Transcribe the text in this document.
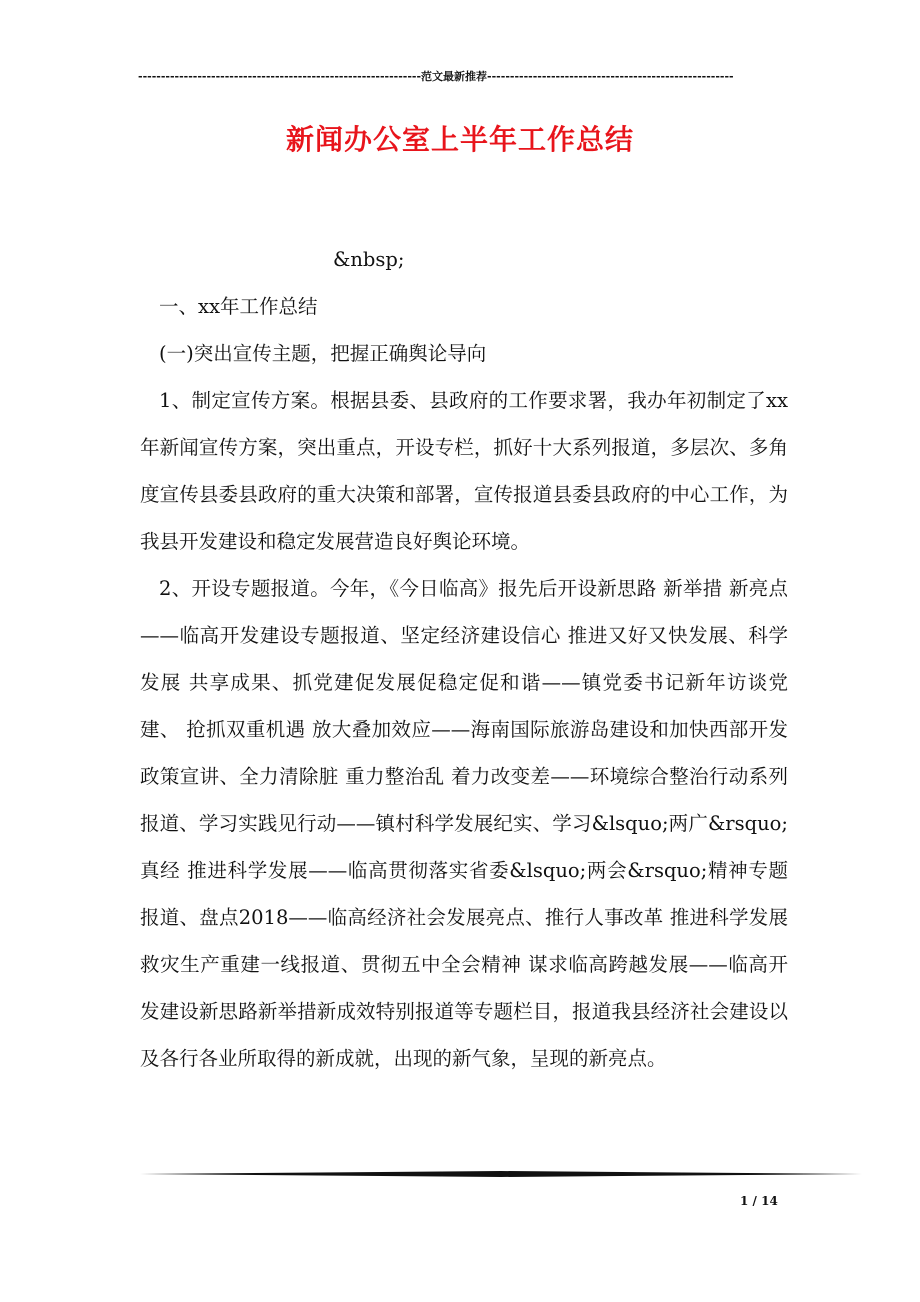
--------------------------------------------------------------范文最新推荐------------------------------------------------------
新闻办公室上半年工作总结

&nbsp;

一、xx年工作总结

(一)突出宣传主题，把握正确舆论导向

1、制定宣传方案。根据县委、县政府的工作要求署，我办年初制定了xx年新闻宣传方案，突出重点，开设专栏，抓好十大系列报道，多层次、多角度宣传县委县政府的重大决策和部署，宣传报道县委县政府的中心工作，为我县开发建设和稳定发展营造良好舆论环境。

2、开设专题报道。今年，《今日临高》报先后开设新思路 新举措 新亮点——临高开发建设专题报道、坚定经济建设信心 推进又好又快发展、科学发展 共享成果、抓党建促发展促稳定促和谐——镇党委书记新年访谈党建、 抢抓双重机遇 放大叠加效应——海南国际旅游岛建设和加快西部开发政策宣讲、全力清除脏 重力整治乱 着力改变差——环境综合整治行动系列报道、学习实践见行动——镇村科学发展纪实、学习&lsquo;两广&rsquo;真经 推进科学发展——临高贯彻落实省委&lsquo;两会&rsquo;精神专题报道、盘点2018——临高经济社会发展亮点、推行人事改革 推进科学发展救灾生产重建一线报道、贯彻五中全会精神 谋求临高跨越发展——临高开发建设新思路新举措新成效特别报道等专题栏目，报道我县经济社会建设以及各行各业所取得的新成就，出现的新气象，呈现的新亮点。

1 / 14
